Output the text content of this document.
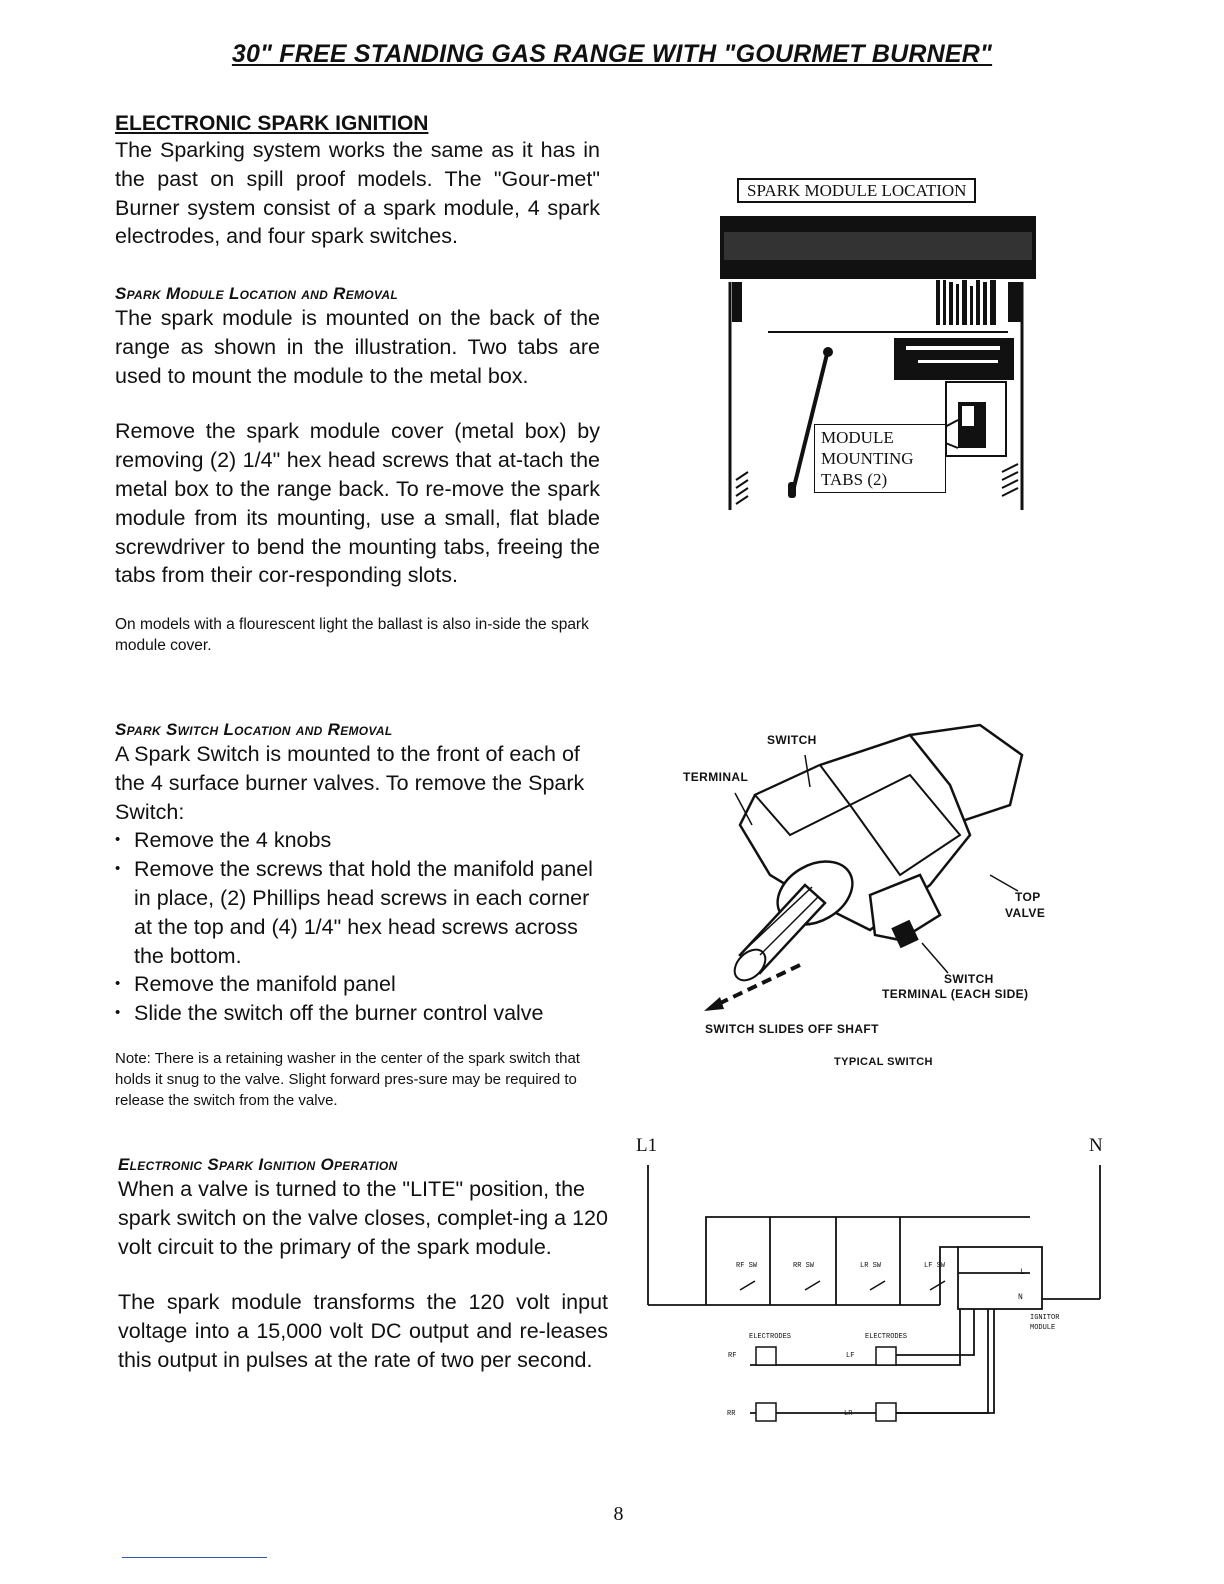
30" FREE STANDING GAS RANGE WITH "GOURMET BURNER"
ELECTRONIC SPARK IGNITION

The Sparking system works the same as it has in the past on spill proof models. The "Gour-met" Burner system consist of a spark module, 4 spark electrodes, and four spark switches.

Spark Module Location and Removal

The spark module is mounted on the back of the range as shown in the illustration. Two tabs are used to mount the module to the metal box.

Remove the spark module cover (metal box) by removing (2) 1/4" hex head screws that at-tach the metal box to the range back. To re-move the spark module from its mounting, use a small, flat blade screwdriver to bend the mounting tabs, freeing the tabs from their cor-responding slots.

On models with a flourescent light the ballast is also in-side the spark module cover.

Spark Switch Location and Removal

A Spark Switch is mounted to the front of each of the 4 surface burner valves. To remove the Spark Switch:

• Remove the 4 knobs
• Remove the screws that hold the manifold panel in place, (2) Phillips head screws in each corner at the top and (4) 1/4" hex head screws across the bottom.
• Remove the manifold panel
• Slide the switch off the burner control valve

Note: There is a retaining washer in the center of the spark switch that holds it snug to the valve. Slight forward pres-sure may be required to release the switch from the valve.

Electronic Spark Ignition Operation

When a valve is turned to the "LITE" position, the spark switch on the valve closes, complet-ing a 120 volt circuit to the primary of the spark module.

The spark module transforms the 120 volt input voltage into a 15,000 volt DC output and re-leases this output in pulses at the rate of two per second.

SPARK MODULE LOCATION
MODULE
MOUNTING
TABS (2)
SWITCH
TERMINAL
TOP
VALVE
SWITCH
TERMINAL (EACH SIDE)
SWITCH SLIDES OFF SHAFT
TYPICAL SWITCH
L1	N
RF SW	RR SW	LR SW	LF SW
L
N
IGNITOR
MODULE
ELECTRODES	ELECTRODES
RF	LF
RR	LR
8
